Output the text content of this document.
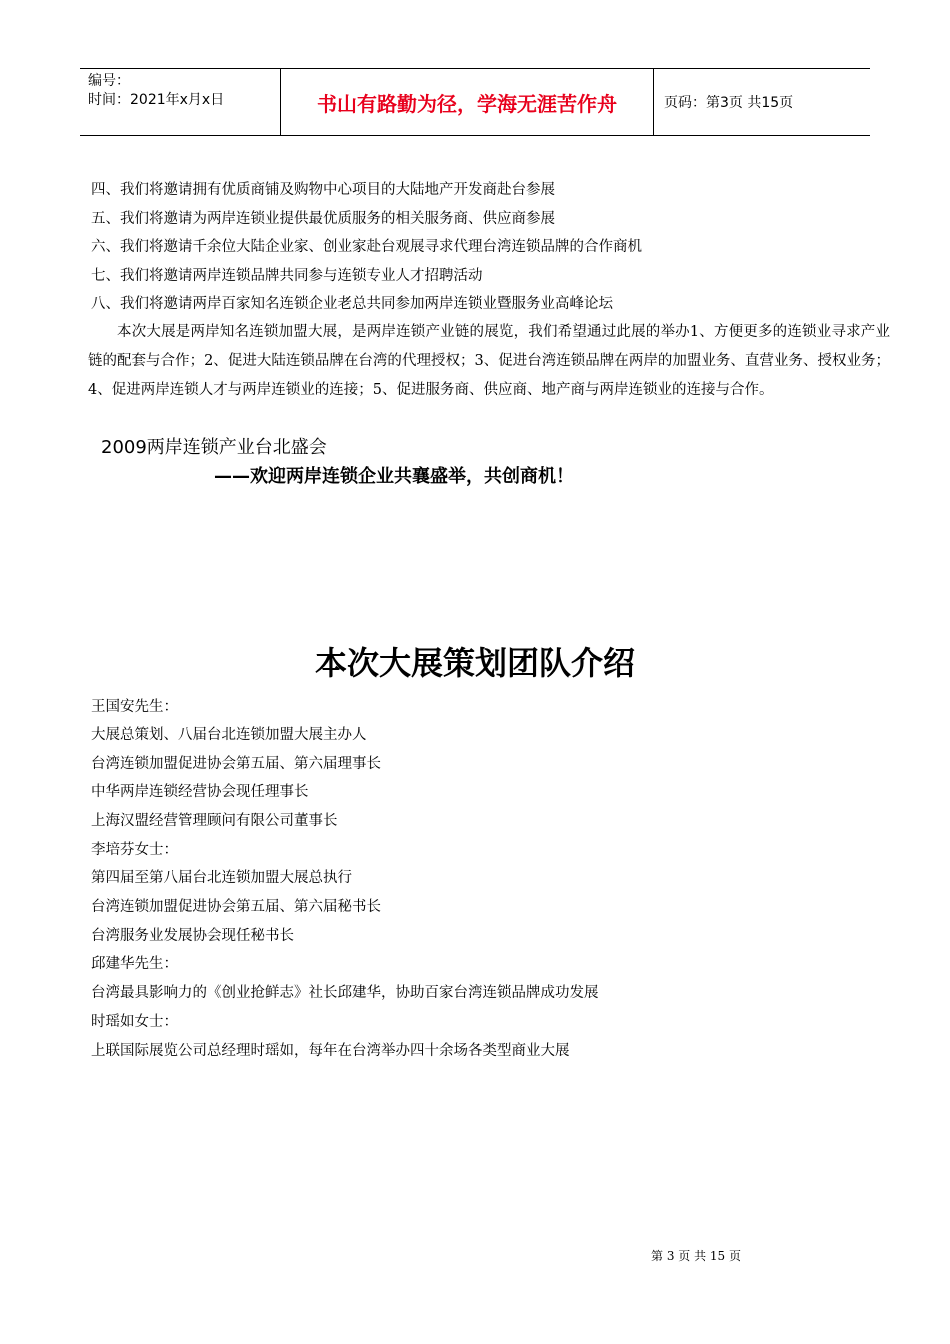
编号：
时间：2021年x月x日	书山有路勤为径，学海无涯苦作舟	页码：第3页 共15页
四、我们将邀请拥有优质商铺及购物中心项目的大陆地产开发商赴台参展
五、我们将邀请为两岸连锁业提供最优质服务的相关服务商、供应商参展
六、我们将邀请千余位大陆企业家、创业家赴台观展寻求代理台湾连锁品牌的合作商机
七、我们将邀请两岸连锁品牌共同参与连锁专业人才招聘活动
八、我们将邀请两岸百家知名连锁企业老总共同参加两岸连锁业暨服务业高峰论坛
本次大展是两岸知名连锁加盟大展，是两岸连锁产业链的展览，我们希望通过此展的举办1、方便更多的连锁业寻求产业链的配套与合作；2、促进大陆连锁品牌在台湾的代理授权；3、促进台湾连锁品牌在两岸的加盟业务、直营业务、授权业务；4、促进两岸连锁人才与两岸连锁业的连接；5、促进服务商、供应商、地产商与两岸连锁业的连接与合作。
2009两岸连锁产业台北盛会
——欢迎两岸连锁企业共襄盛举，共创商机！
本次大展策划团队介绍
王国安先生：
大展总策划、八届台北连锁加盟大展主办人
台湾连锁加盟促进协会第五届、第六届理事长
中华两岸连锁经营协会现任理事长
上海汉盟经营管理顾问有限公司董事长
李培芬女士：
第四届至第八届台北连锁加盟大展总执行
台湾连锁加盟促进协会第五届、第六届秘书长
台湾服务业发展协会现任秘书长
邱建华先生：
台湾最具影响力的《创业抢鲜志》社长邱建华，协助百家台湾连锁品牌成功发展
时瑶如女士：
上联国际展览公司总经理时瑶如，每年在台湾举办四十余场各类型商业大展
第 3 页 共 15 页
